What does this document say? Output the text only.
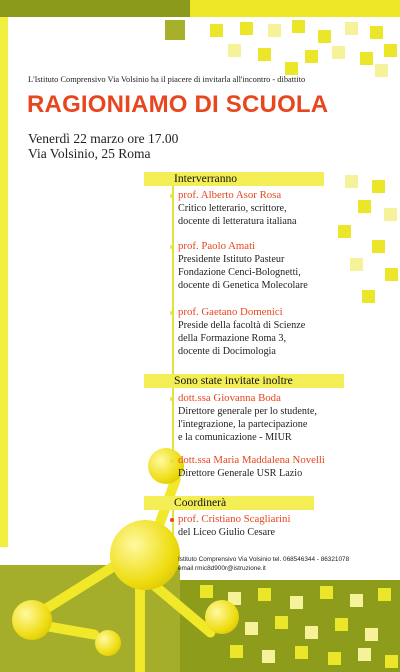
L'Istituto Comprensivo Via Volsinio ha il piacere di invitarla all'incontro - dibattito
RAGIONIAMO DI SCUOLA
Venerdì 22 marzo ore 17.00
Via Volsinio, 25 Roma
Interverranno
prof. Alberto Asor Rosa
Critico letterario, scrittore,
docente di letteratura italiana
prof. Paolo Amati
Presidente Istituto Pasteur
Fondazione Cenci-Bolognetti,
docente di Genetica Molecolare
prof. Gaetano Domenici
Preside della facoltà di Scienze
della Formazione Roma 3,
docente di Docimologia
Sono state invitate inoltre
dott.ssa Giovanna Boda
Direttore generale per lo studente,
l'integrazione, la partecipazione
e la comunicazione - MIUR
dott.ssa Maria Maddalena Novelli
Direttore Generale USR Lazio
Coordinerà
prof. Cristiano Scagliarini
del Liceo Giulio Cesare
Istituto Comprensivo Via Volsinio tel. 068546344 - 86321078
email rmic8d900r@istruzione.it
